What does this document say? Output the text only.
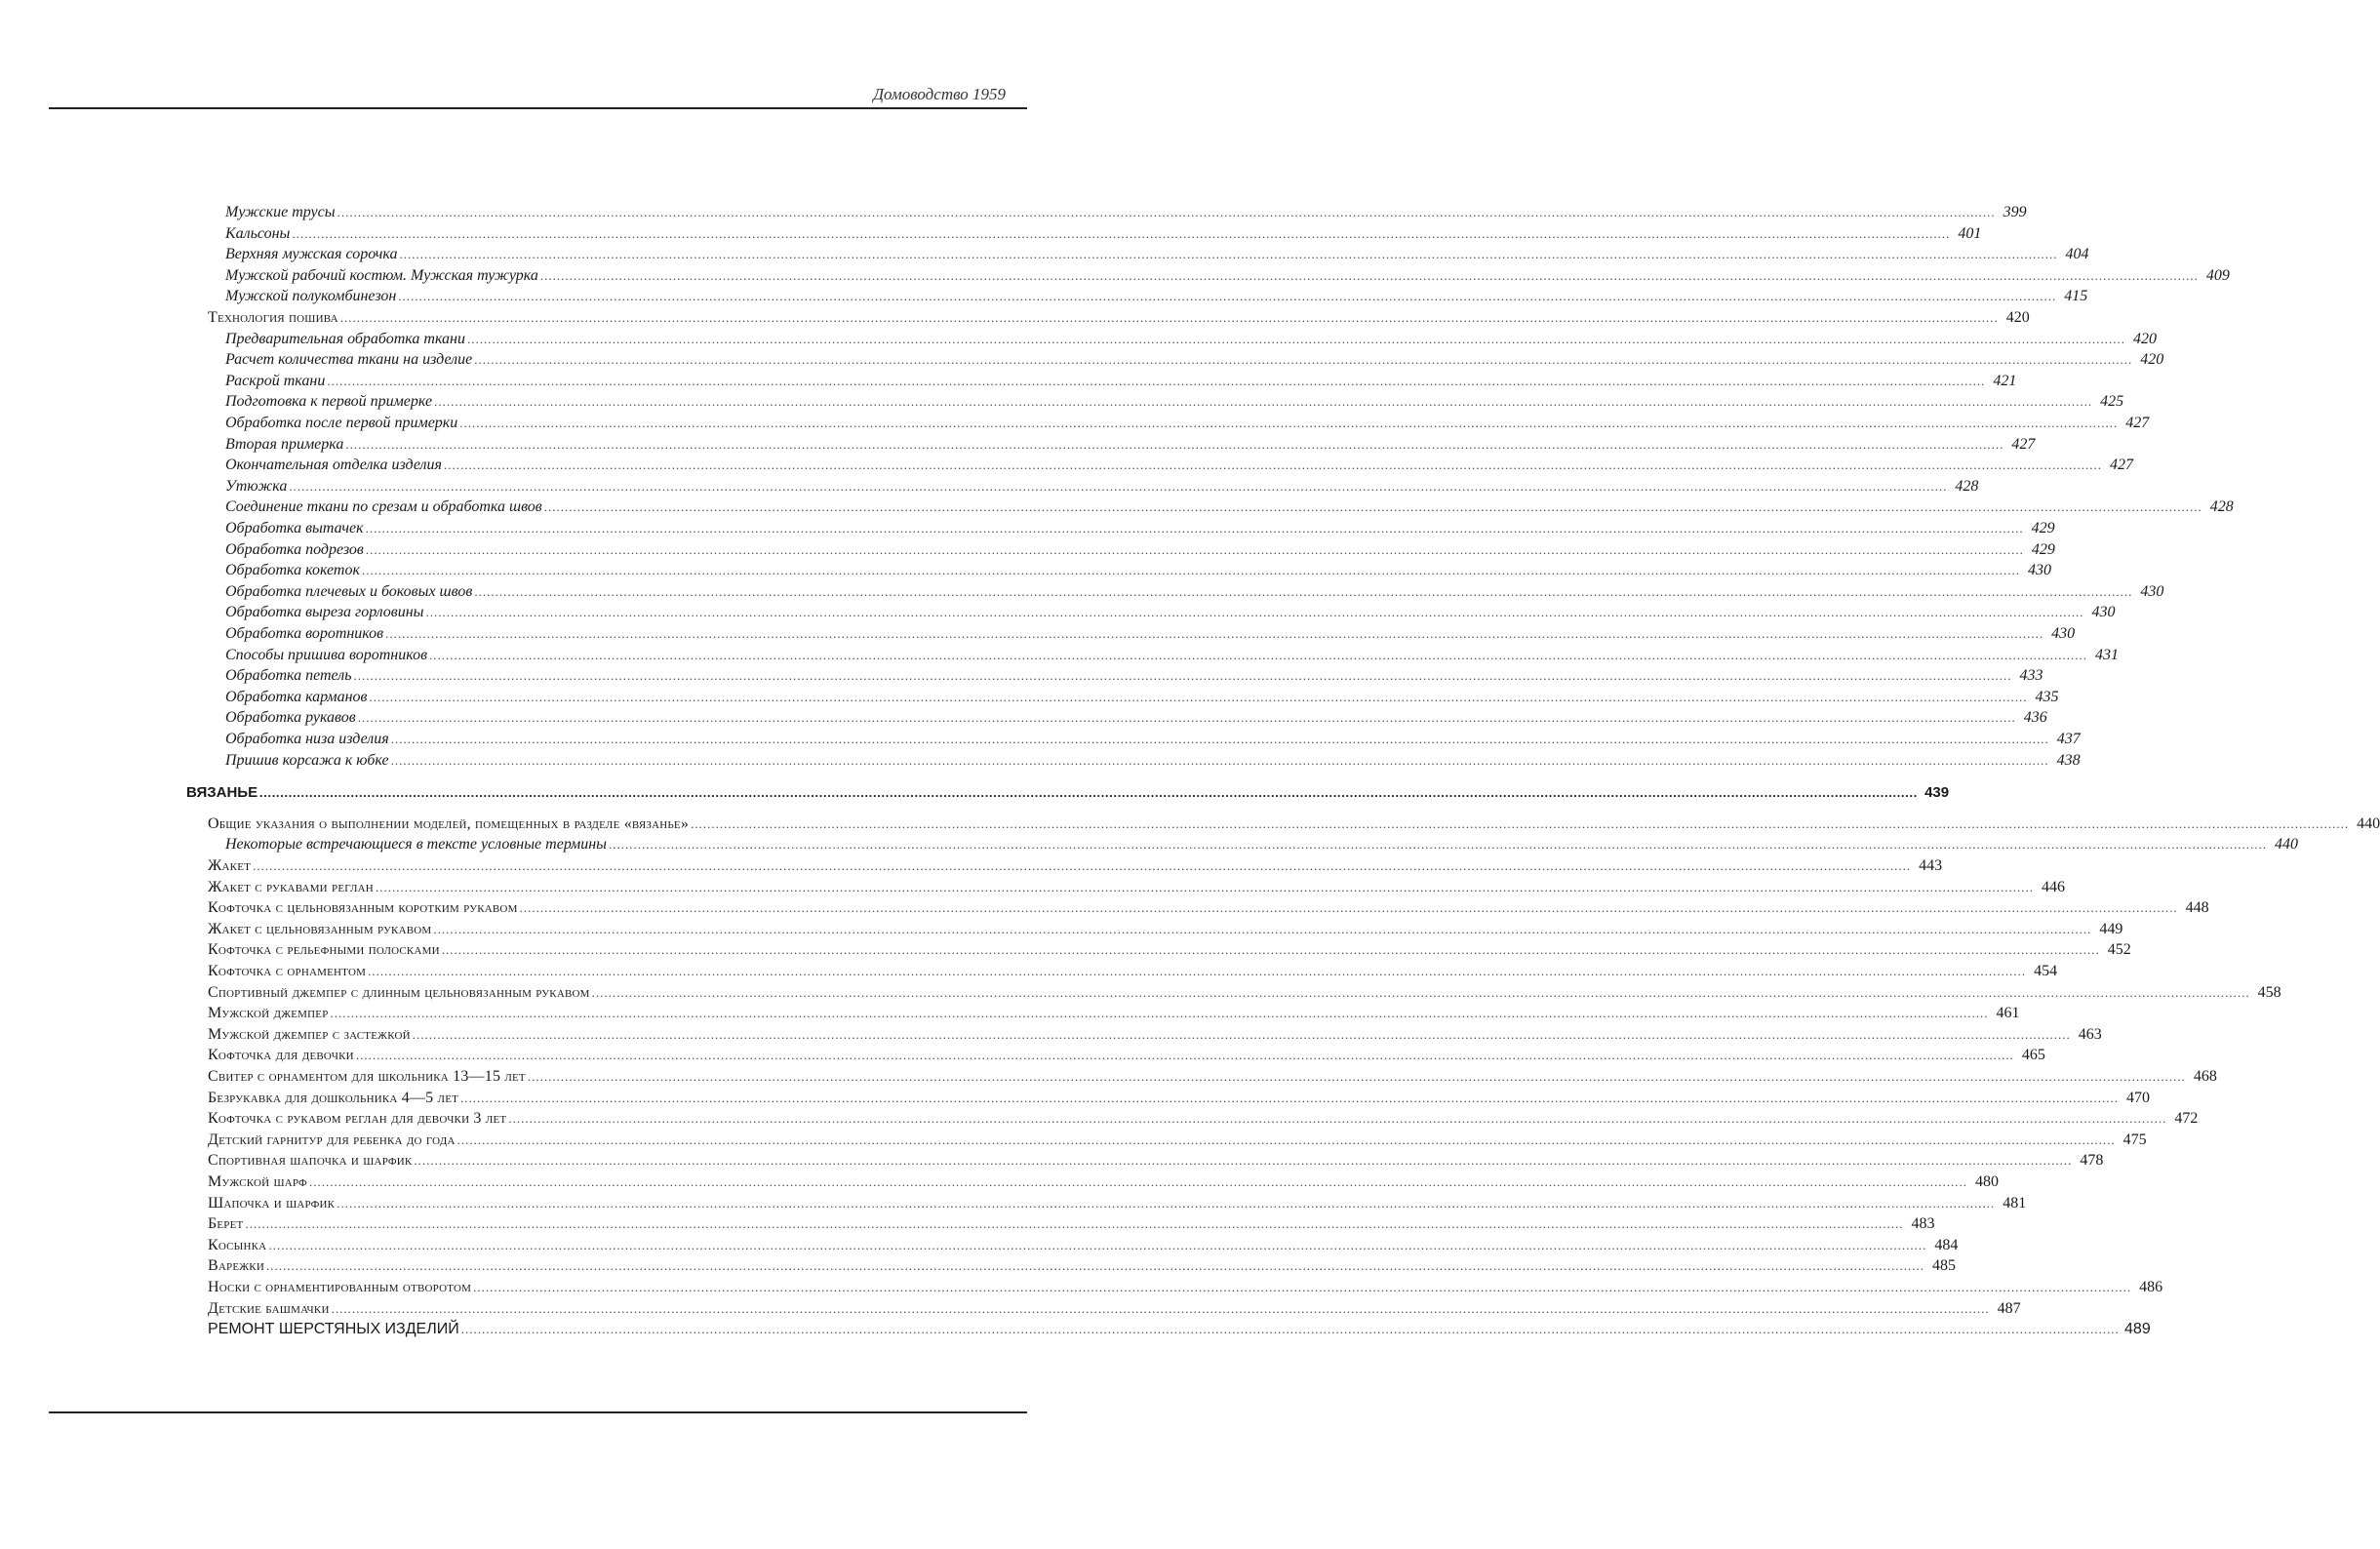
Домоводство 1959
Мужские трусы ................................................................................................................................................................................................................................................................................................................................................................................................................ 399
Кальсоны ................................................................................................................................................................................................................................................................................................................................................................................................................ 401
Верхняя мужская сорочка ................................................................................................................................................................................................................................................................................................................................................................................................................ 404
Мужской рабочий костюм. Мужская тужурка ................................................................................................................................................................................................................................................................................................................................................................................................................ 409
Мужской полукомбинезон ................................................................................................................................................................................................................................................................................................................................................................................................................ 415
Технология пошива ................................................................................................................................................................................................................................................................................................................................................................................................................ 420
Предварительная обработка ткани ................................................................................................................................................................................................................................................................................................................................................................................................................ 420
Расчет количества ткани на изделие ................................................................................................................................................................................................................................................................................................................................................................................................................ 420
Раскрой ткани ................................................................................................................................................................................................................................................................................................................................................................................................................ 421
Подготовка к первой примерке ................................................................................................................................................................................................................................................................................................................................................................................................................ 425
Обработка после первой примерки ................................................................................................................................................................................................................................................................................................................................................................................................................ 427
Вторая примерка ................................................................................................................................................................................................................................................................................................................................................................................................................ 427
Окончательная отделка изделия ................................................................................................................................................................................................................................................................................................................................................................................................................ 427
Утюжка ................................................................................................................................................................................................................................................................................................................................................................................................................ 428
Соединение ткани по срезам и обработка швов ................................................................................................................................................................................................................................................................................................................................................................................................................ 428
Обработка вытачек ................................................................................................................................................................................................................................................................................................................................................................................................................ 429
Обработка подрезов ................................................................................................................................................................................................................................................................................................................................................................................................................ 429
Обработка кокеток ................................................................................................................................................................................................................................................................................................................................................................................................................ 430
Обработка плечевых и боковых швов ................................................................................................................................................................................................................................................................................................................................................................................................................ 430
Обработка выреза горловины ................................................................................................................................................................................................................................................................................................................................................................................................................ 430
Обработка воротников ................................................................................................................................................................................................................................................................................................................................................................................................................ 430
Способы пришива воротников ................................................................................................................................................................................................................................................................................................................................................................................................................ 431
Обработка петель ................................................................................................................................................................................................................................................................................................................................................................................................................ 433
Обработка карманов ................................................................................................................................................................................................................................................................................................................................................................................................................ 435
Обработка рукавов ................................................................................................................................................................................................................................................................................................................................................................................................................ 436
Обработка низа изделия ................................................................................................................................................................................................................................................................................................................................................................................................................ 437
Пришив корсажа к юбке ................................................................................................................................................................................................................................................................................................................................................................................................................ 438
ВЯЗАНЬЕ ................................................................................................................................................................................................................................................................................................................................................................................................................ 439
Общие указания о выполнении моделей, помещенных в разделе «вязанье» ................................................................................................................................................................................................................................................................................................................................................................................................................ 440
Некоторые встречающиеся в тексте условные термины ................................................................................................................................................................................................................................................................................................................................................................................................................ 440
Жакет ................................................................................................................................................................................................................................................................................................................................................................................................................ 443
Жакет с рукавами реглан ................................................................................................................................................................................................................................................................................................................................................................................................................ 446
Кофточка с цельновязанным коротким рукавом ................................................................................................................................................................................................................................................................................................................................................................................................................ 448
Жакет с цельновязанным рукавом ................................................................................................................................................................................................................................................................................................................................................................................................................ 449
Кофточка с рельефными полосками ................................................................................................................................................................................................................................................................................................................................................................................................................ 452
Кофточка с орнаментом ................................................................................................................................................................................................................................................................................................................................................................................................................ 454
Спортивный джемпер с длинным цельновязанным рукавом ................................................................................................................................................................................................................................................................................................................................................................................................................ 458
Мужской джемпер ................................................................................................................................................................................................................................................................................................................................................................................................................ 461
Мужской джемпер с застежкой ................................................................................................................................................................................................................................................................................................................................................................................................................ 463
Кофточка для девочки ................................................................................................................................................................................................................................................................................................................................................................................................................ 465
Свитер с орнаментом для школьника 13—15 лет ................................................................................................................................................................................................................................................................................................................................................................................................................ 468
Безрукавка для дошкольника 4—5 лет ................................................................................................................................................................................................................................................................................................................................................................................................................ 470
Кофточка с рукавом реглан для девочки 3 лет ................................................................................................................................................................................................................................................................................................................................................................................................................ 472
Детский гарнитур для ребенка до года ................................................................................................................................................................................................................................................................................................................................................................................................................ 475
Спортивная шапочка и шарфик ................................................................................................................................................................................................................................................................................................................................................................................................................ 478
Мужской шарф ................................................................................................................................................................................................................................................................................................................................................................................................................ 480
Шапочка и шарфик ................................................................................................................................................................................................................................................................................................................................................................................................................ 481
Берет ................................................................................................................................................................................................................................................................................................................................................................................................................ 483
Косынка ................................................................................................................................................................................................................................................................................................................................................................................................................ 484
Варежки ................................................................................................................................................................................................................................................................................................................................................................................................................ 485
Носки с орнаментированным отворотом ................................................................................................................................................................................................................................................................................................................................................................................................................ 486
Детские башмачки ................................................................................................................................................................................................................................................................................................................................................................................................................ 487
РЕМОНТ ШЕРСТЯНЫХ ИЗДЕЛИЙ ................................................................................................................................................................................................................................................................................................................................................................................................................ 489
